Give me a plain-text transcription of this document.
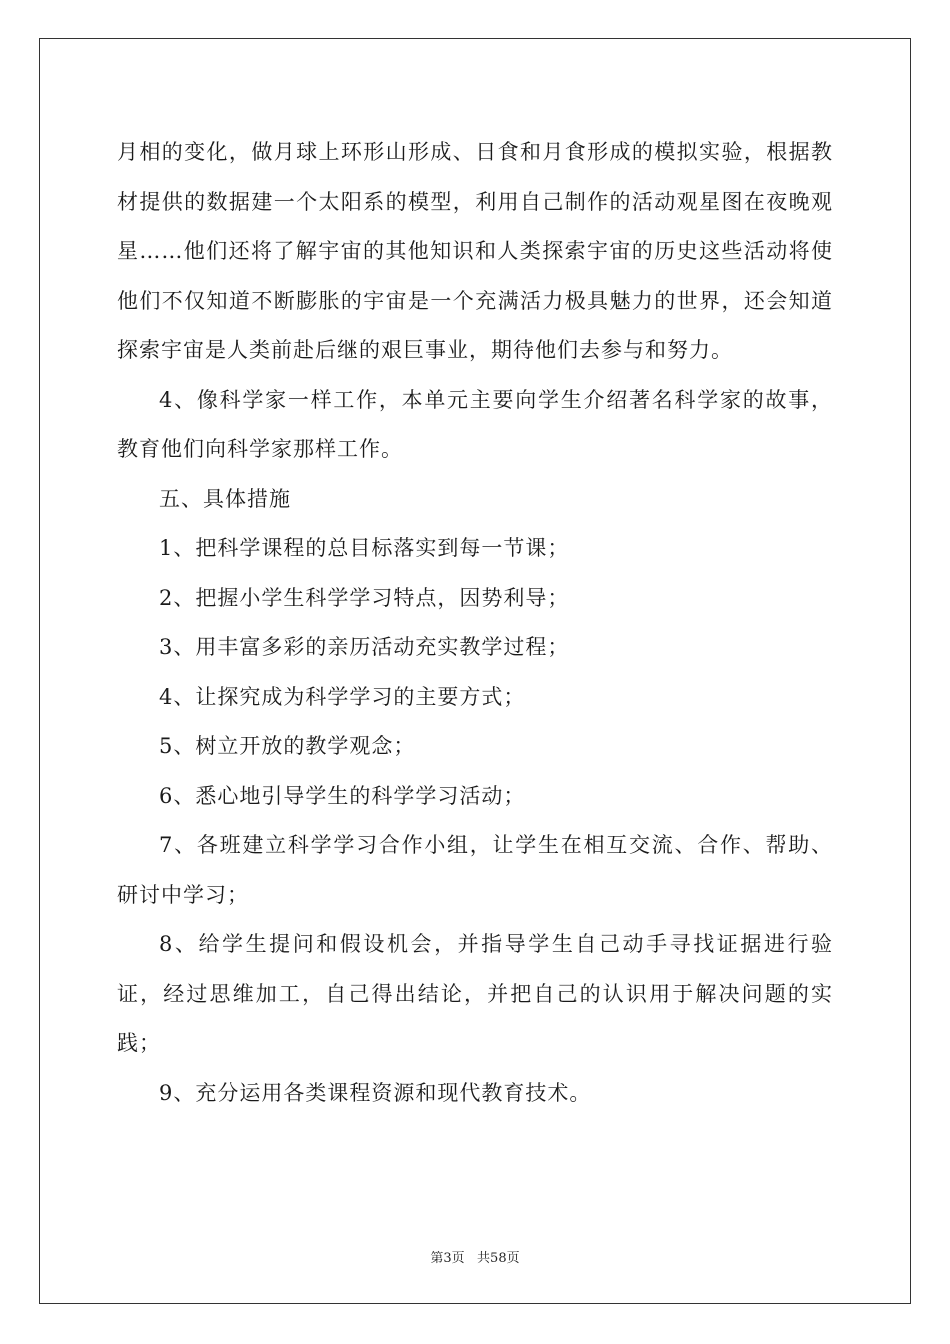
月相的变化，做月球上环形山形成、日食和月食形成的模拟实验，根据教材提供的数据建一个太阳系的模型，利用自己制作的活动观星图在夜晚观星……他们还将了解宇宙的其他知识和人类探索宇宙的历史这些活动将使他们不仅知道不断膨胀的宇宙是一个充满活力极具魅力的世界，还会知道探索宇宙是人类前赴后继的艰巨事业，期待他们去参与和努力。

4、像科学家一样工作，本单元主要向学生介绍著名科学家的故事，教育他们向科学家那样工作。

五、具体措施

1、把科学课程的总目标落实到每一节课；

2、把握小学生科学学习特点，因势利导；

3、用丰富多彩的亲历活动充实教学过程；

4、让探究成为科学学习的主要方式；

5、树立开放的教学观念；

6、悉心地引导学生的科学学习活动；

7、各班建立科学学习合作小组，让学生在相互交流、合作、帮助、研讨中学习；

8、给学生提问和假设机会，并指导学生自己动手寻找证据进行验证，经过思维加工，自己得出结论，并把自己的认识用于解决问题的实践；

9、充分运用各类课程资源和现代教育技术。

第3页   共58页
